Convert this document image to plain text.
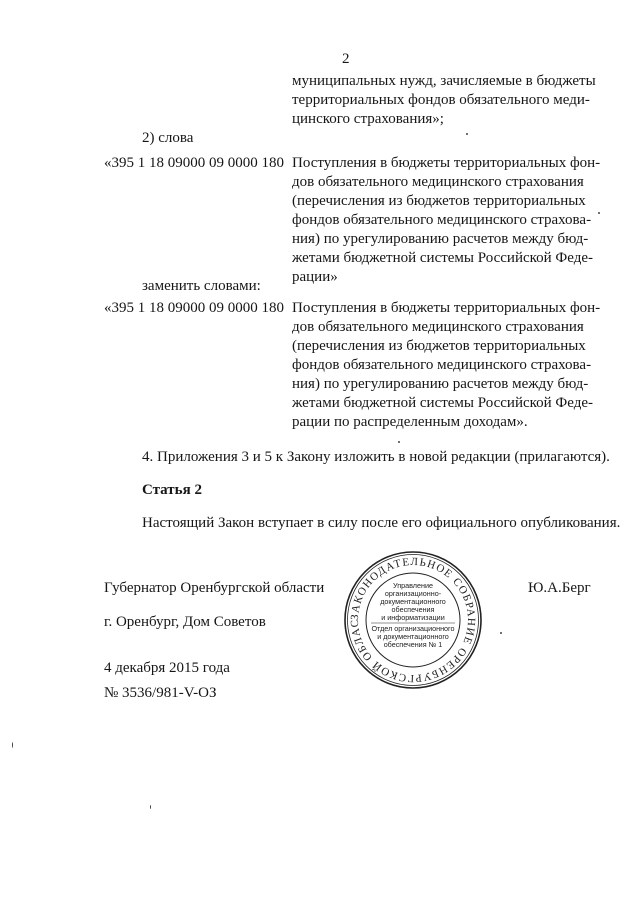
2
муниципальных нужд, зачисляемые в бюджеты
территориальных фондов обязательного меди-
цинского страхования»;
2) слова
«395 1 18 09000 09 0000 180 Поступления в бюджеты территориальных фон-
дов обязательного медицинского страхования
(перечисления из бюджетов территориальных
фондов обязательного медицинского страхова-
ния) по урегулированию расчетов между бюд-
жетами бюджетной системы Российской Феде-
рации»
заменить словами:
«395 1 18 09000 09 0000 180 Поступления в бюджеты территориальных фон-
дов обязательного медицинского страхования
(перечисления из бюджетов территориальных
фондов обязательного медицинского страхова-
ния) по урегулированию расчетов между бюд-
жетами бюджетной системы Российской Феде-
рации по распределенным доходам».
4. Приложения 3 и 5 к Закону изложить в новой редакции (прилагаются).
Статья 2
Настоящий Закон вступает в силу после его официального опубликования.
Губернатор Оренбургской области
г. Оренбург, Дом Советов
Ю.А.Берг
4 декабря 2015 года
№ 3536/981-V-ОЗ
ЗАКОНОДАТЕЛЬНОЕ СОБРАНИЕ ОРЕНБУРГСКОЙ ОБЛАС
Управление
организационно-
документационного
обеспечения
и информатизации
Отдел организационного
и документационного
обеспечения № 1
